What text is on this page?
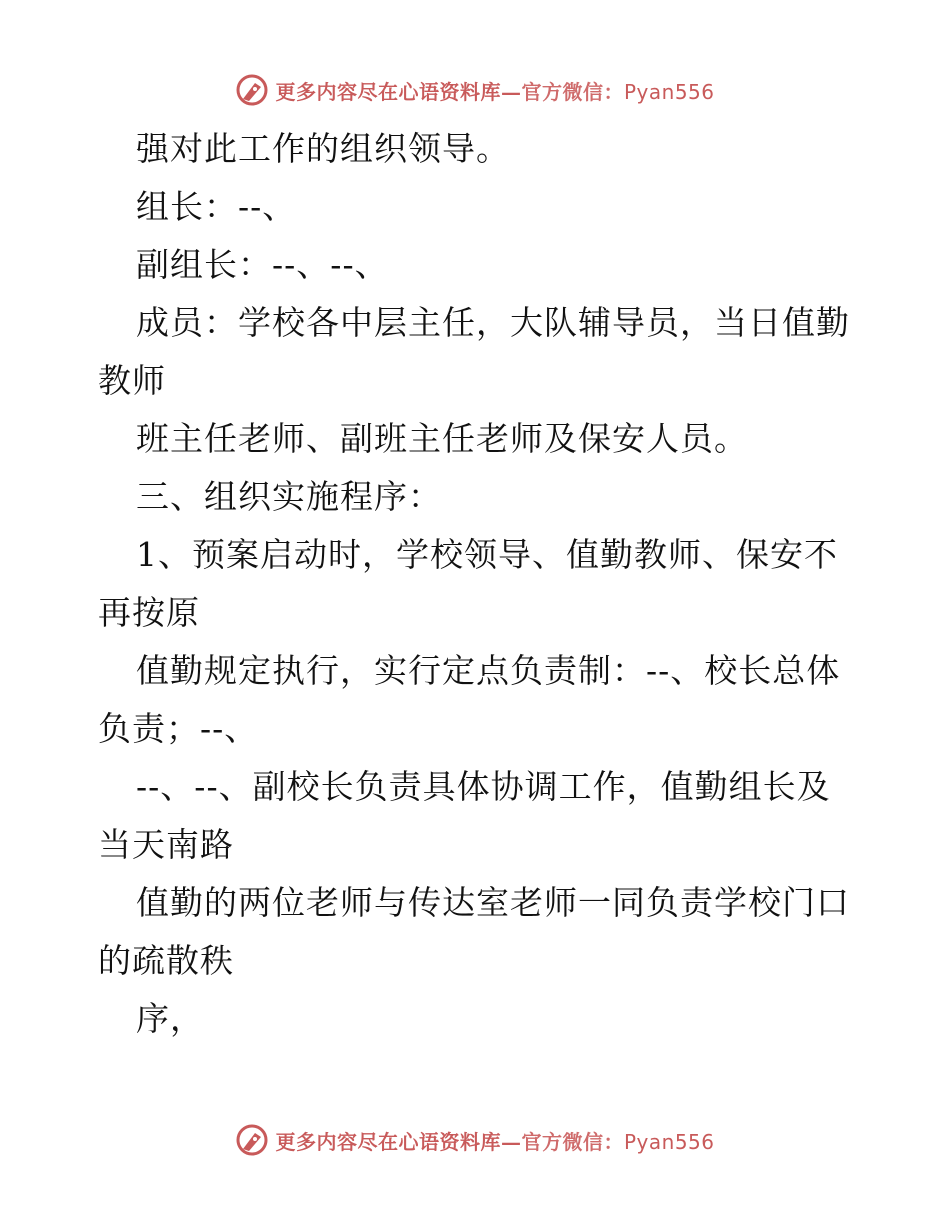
更多内容尽在心语资料库—官方微信：Pyan556
强对此工作的组织领导。
组长：--、
副组长：--、--、
成员：学校各中层主任，大队辅导员，当日值勤
教师
班主任老师、副班主任老师及保安人员。
三、组织实施程序：
1、预案启动时，学校领导、值勤教师、保安不
再按原
值勤规定执行，实行定点负责制：--、校长总体
负责；--、
--、--、副校长负责具体协调工作，值勤组长及
当天南路
值勤的两位老师与传达室老师一同负责学校门口
的疏散秩
序，
更多内容尽在心语资料库—官方微信：Pyan556
